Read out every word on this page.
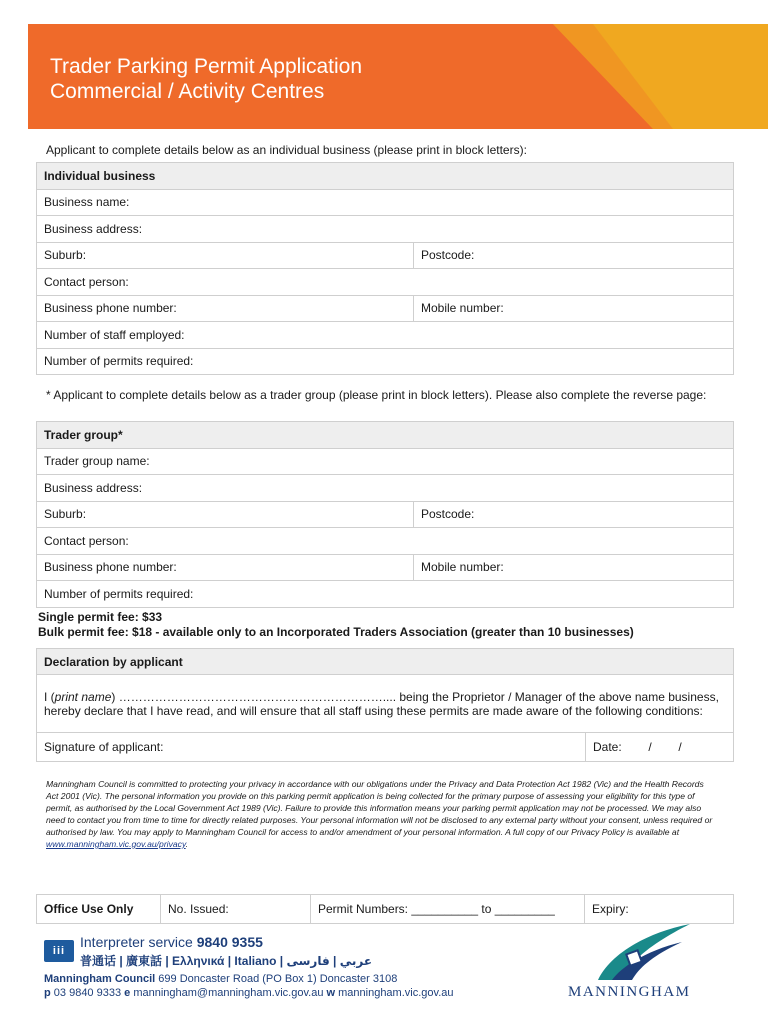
Trader Parking Permit Application
Commercial / Activity Centres
Applicant to complete details below as an individual business (please print in block letters):
Individual business	
Business name:	
Business address:	
Suburb:	Postcode:
Contact person:	
Business phone number:	Mobile number:
Number of staff employed:	
Number of permits required:	
* Applicant to complete details below as a trader group (please print in block letters). Please also complete the reverse page:
Trader group*	
Trader group name:	
Business address:	
Suburb:	Postcode:
Contact person:	
Business phone number:	Mobile number:
Number of permits required:	
Single permit fee: $33
Bulk permit fee: $18 - available only to an Incorporated Traders Association (greater than 10 businesses)
Declaration by applicant
I (print name) ………………………………………………………….... being the Proprietor / Manager of the above name business, hereby declare that I have read, and will ensure that all staff using these permits are made aware of the following conditions:
Signature of applicant:	Date:        /        /
Manningham Council is committed to protecting your privacy in accordance with our obligations under the Privacy and Data Protection Act 1982 (Vic) and the Health Records Act 2001 (Vic). The personal information you provide on this parking permit application is being collected for the primary purpose of assessing your eligibility for this type of permit, as authorised by the Local Government Act 1989 (Vic). Failure to provide this information means your parking permit application may not be processed. We may also need to contact you from time to time for directly related purposes. Your personal information will not be disclosed to any external party without your consent, unless required or authorised by law. You may apply to Manningham Council for access to and/or amendment of your personal information. A full copy of our Privacy Policy is available at www.manningham.vic.gov.au/privacy.
Office Use Only	No. Issued:	Permit Numbers: __________ to _________	Expiry:
iii
Interpreter service 9840 9355
普通话 | 廣東話 | Ελληνικά | Italiano | عربي | فارسی
Manningham Council 699 Doncaster Road (PO Box 1) Doncaster 3108
p 03 9840 9333 e manningham@manningham.vic.gov.au w manningham.vic.gov.au	MANNINGHAM
